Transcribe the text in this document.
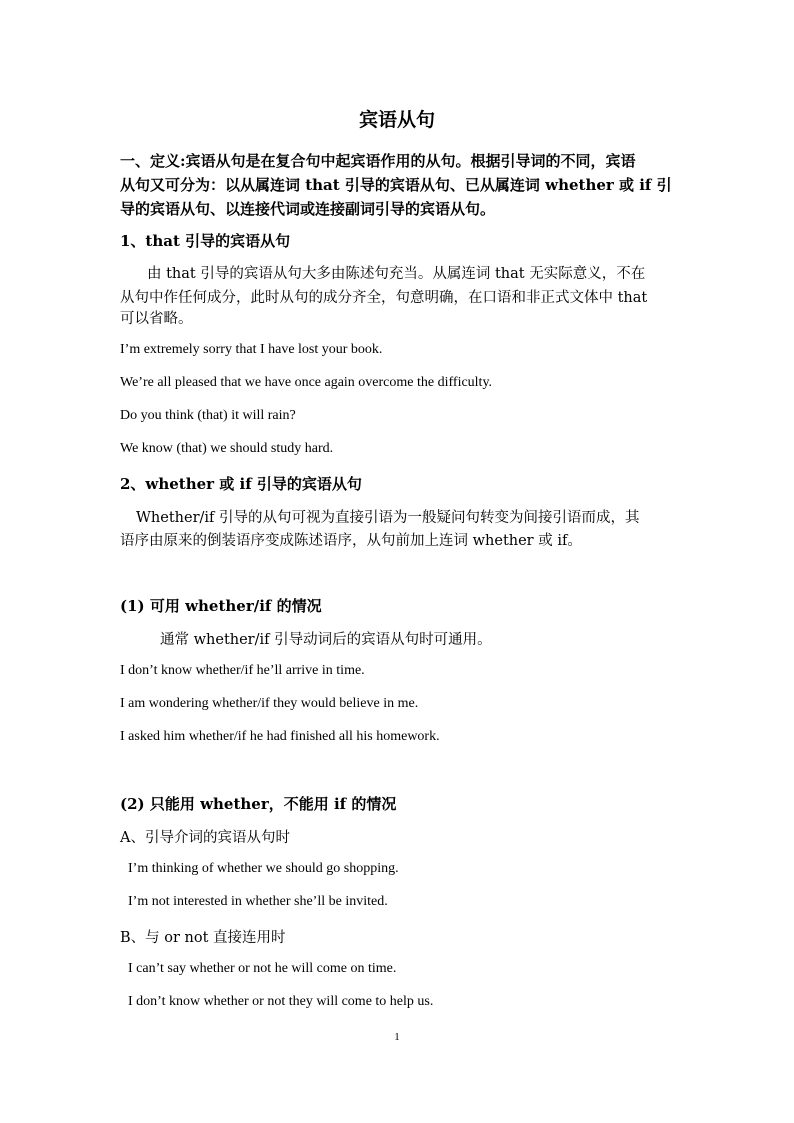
宾语从句
一、定义:宾语从句是在复合句中起宾语作用的从句。根据引导词的不同，宾语
从句又可分为：以从属连词 that 引导的宾语从句、已从属连词 whether 或 if 引
导的宾语从句、以连接代词或连接副词引导的宾语从句。
1、that 引导的宾语从句
由 that 引导的宾语从句大多由陈述句充当。从属连词 that 无实际意义，不在
从句中作任何成分，此时从句的成分齐全，句意明确，在口语和非正式文体中 that
可以省略。
I’m extremely sorry that I have lost your book.
We’re all pleased that we have once again overcome the difficulty.
Do you think (that) it will rain?
We know (that) we should study hard.
2、whether 或 if 引导的宾语从句
Whether/if 引导的从句可视为直接引语为一般疑问句转变为间接引语而成，其
语序由原来的倒装语序变成陈述语序，从句前加上连词 whether 或 if。
(1) 可用 whether/if 的情况
通常 whether/if 引导动词后的宾语从句时可通用。
I don’t know whether/if he’ll arrive in time.
I am wondering whether/if they would believe in me.
I asked him whether/if he had finished all his homework.
(2) 只能用 whether，不能用 if 的情况
A、引导介词的宾语从句时
I’m thinking of whether we should go shopping.
I’m not interested in whether she’ll be invited.
B、与 or not 直接连用时
I can’t say whether or not he will come on time.
I don’t know whether or not they will come to help us.
1
